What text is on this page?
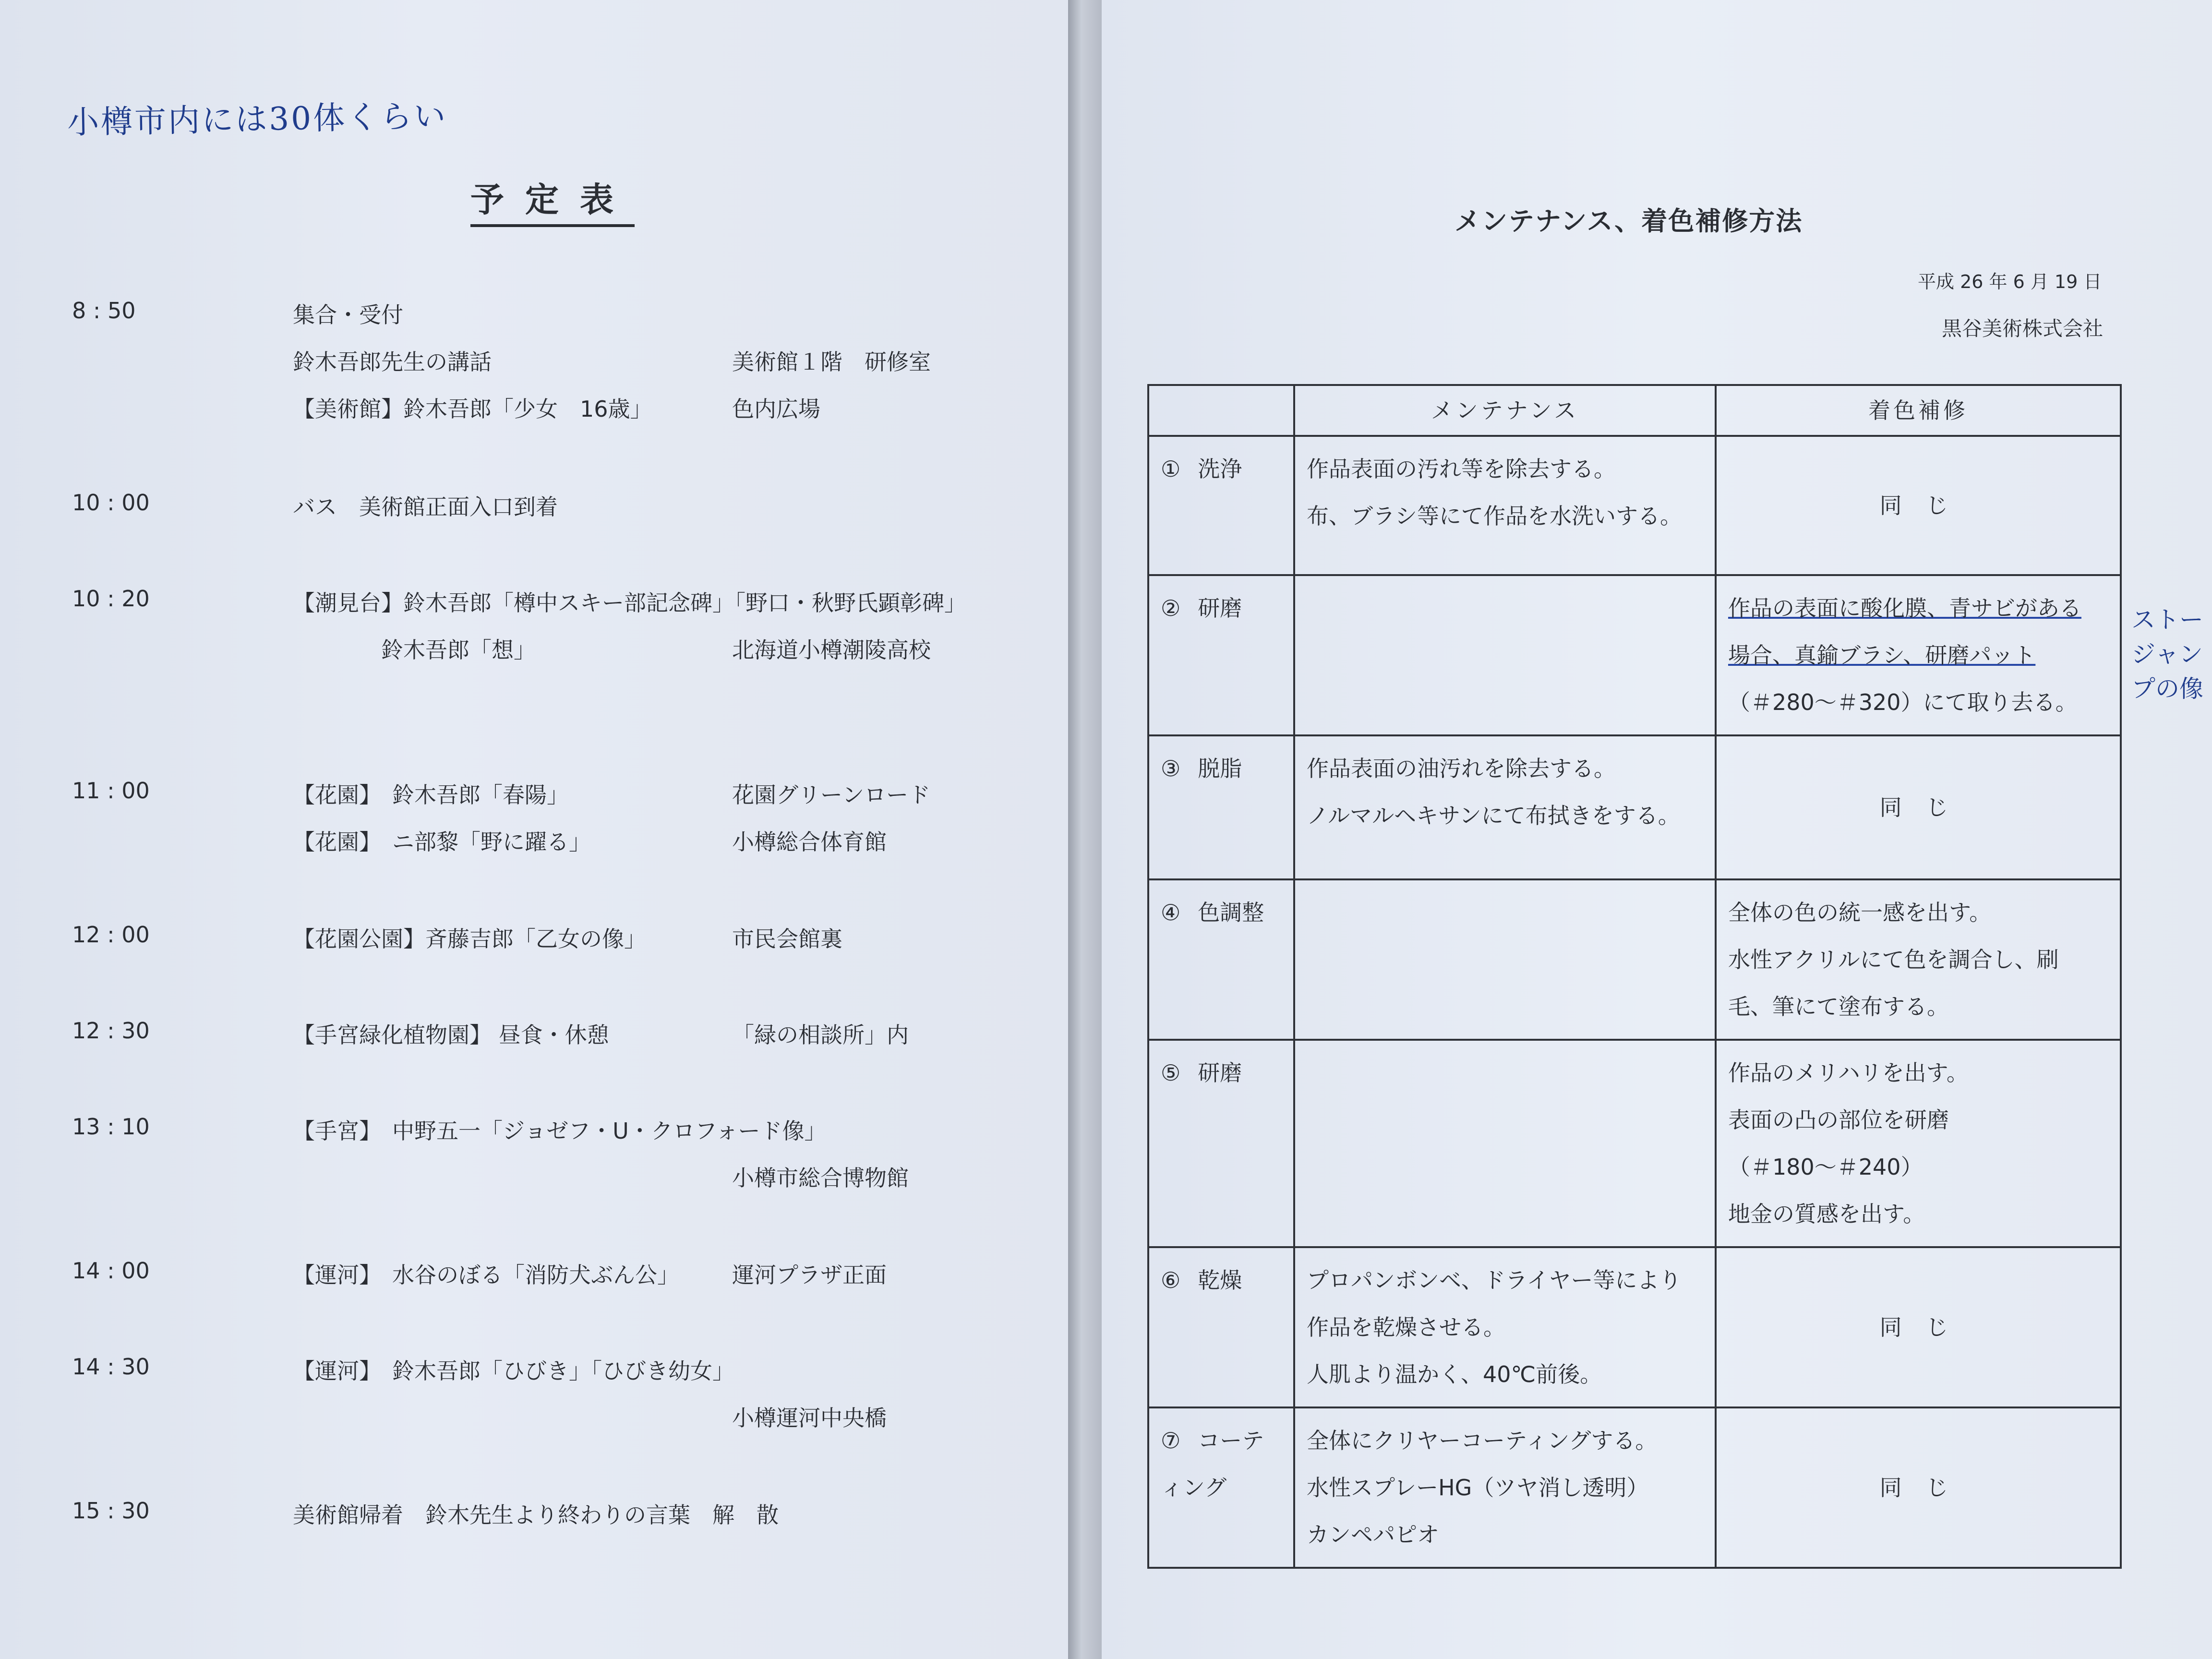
小樽市内には30体くらい
予定表
8 : 50	集合・受付
鈴木吾郎先生の講話	美術館１階　研修室
【美術館】鈴木吾郎「少女　16歳」	色内広場
10 : 00	バス　美術館正面入口到着
10 : 20	【潮見台】鈴木吾郎「樽中スキー部記念碑」「野口・秋野氏顕彰碑」
　　　　鈴木吾郎「想」	北海道小樽潮陵高校
11 : 00	【花園】　鈴木吾郎「春陽」	花園グリーンロード
【花園】　ニ部黎「野に躍る」	小樽総合体育館
12 : 00	【花園公園】斉藤吉郎「乙女の像」	市民会館裏
12 : 30	【手宮緑化植物園】 昼食・休憩	「緑の相談所」内
13 : 10	【手宮】　中野五一「ジョゼフ・U・クロフォード像」
小樽市総合博物館
14 : 00	【運河】　水谷のぼる「消防犬ぶん公」 運河プラザ正面
14 : 30	【運河】　鈴木吾郎「ひびき」「ひびき幼女」
小樽運河中央橋
15 : 30	美術館帰着　鈴木先生より終わりの言葉　解　散
メンテナンス、着色補修方法
平成 26 年 6 月 19 日
黒谷美術株式会社
	メンテナンス	着色補修
① 洗浄	作品表面の汚れ等を除去する。
布、ブラシ等にて作品を水洗いする。	同 じ

② 研磨		作品の表面に酸化膜、青サビがある
場合、真鍮ブラシ、研磨パット
（＃280～＃320）にて取り去る。

③ 脱脂	作品表面の油汚れを除去する。
ノルマルヘキサンにて布拭きをする。	同 じ

④ 色調整		全体の色の統一感を出す。
水性アクリルにて色を調合し、刷
毛、筆にて塗布する。

⑤ 研磨		作品のメリハリを出す。
表面の凸の部位を研磨
（＃180～＃240）
地金の質感を出す。

⑥ 乾燥	プロパンボンベ、ドライヤー等により
作品を乾燥させる。
人肌より温かく、40℃前後。	同 じ

⑦ コーティング	全体にクリヤーコーティングする。
水性スプレーHG（ツヤ消し透明）
カンペパピオ	同 じ
ストージャンプの像
